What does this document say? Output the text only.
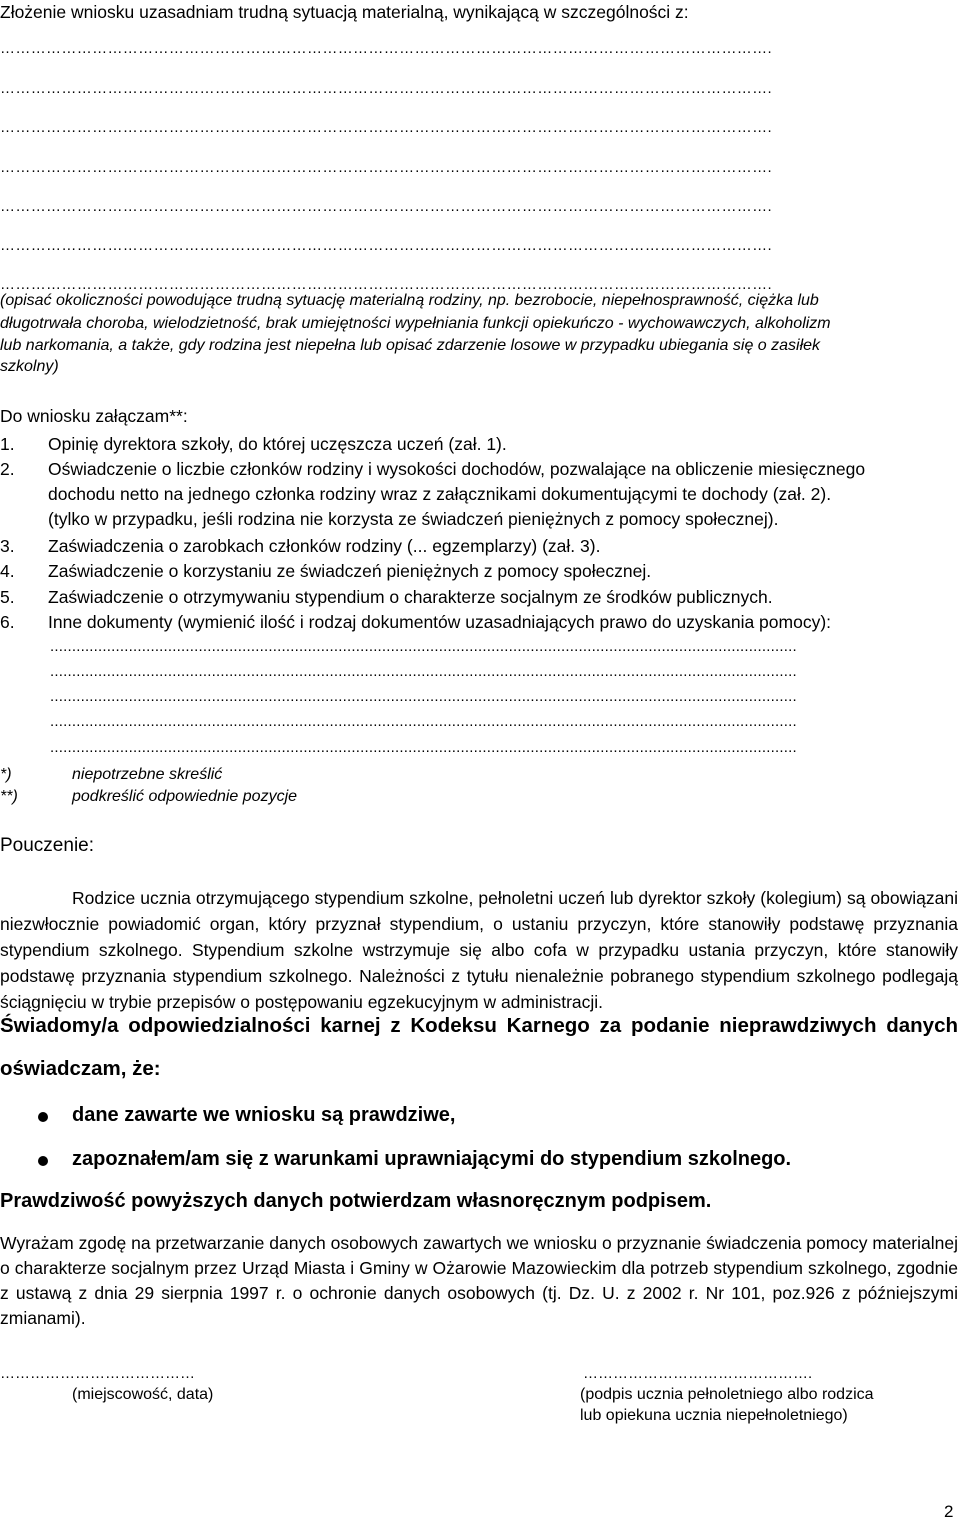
Złożenie wniosku uzasadniam trudną sytuacją materialną, wynikającą w szczególności z:
…………………………………………………………………………………………………………………………………….
…………………………………………………………………………………………………………………………………….
…………………………………………………………………………………………………………………………………….
…………………………………………………………………………………………………………………………………….
…………………………………………………………………………………………………………………………………….
…………………………………………………………………………………………………………………………………….
…………………………………………………………………………………………………………………………………….
(opisać okoliczności powodujące trudną sytuację materialną rodziny, np. bezrobocie, niepełnosprawność, ciężka lub
długotrwała choroba, wielodzietność, brak umiejętności wypełniania funkcji opiekuńczo - wychowawczych, alkoholizm
lub narkomania, a także, gdy rodzina jest niepełna lub opisać zdarzenie losowe w przypadku ubiegania się o zasiłek
szkolny)
Do wniosku załączam**:
1. Opinię dyrektora szkoły, do której uczęszcza uczeń (zał. 1).
2. Oświadczenie o liczbie członków rodziny i wysokości dochodów, pozwalające na obliczenie miesięcznego
dochodu netto na jednego członka rodziny wraz z załącznikami dokumentującymi te dochody (zał. 2).
(tylko w przypadku, jeśli rodzina nie korzysta ze świadczeń pieniężnych z pomocy społecznej).
3. Zaświadczenia o zarobkach członków rodziny (... egzemplarzy) (zał. 3).
4. Zaświadczenie o korzystaniu ze świadczeń pieniężnych z pomocy społecznej.
5. Zaświadczenie o otrzymywaniu stypendium o charakterze socjalnym ze środków publicznych.
6. Inne dokumenty (wymienić ilość i rodzaj dokumentów uzasadniających prawo do uzyskania pomocy):
...........................................................................................................................................................................
...........................................................................................................................................................................
...........................................................................................................................................................................
...........................................................................................................................................................................
...........................................................................................................................................................................
*)	niepotrzebne skreślić
**)	podkreślić odpowiednie pozycje
Pouczenie:
Rodzice ucznia otrzymującego stypendium szkolne, pełnoletni uczeń lub dyrektor szkoły (kolegium) są obowiązani niezwłocznie powiadomić organ, który przyznał stypendium, o ustaniu przyczyn, które stanowiły podstawę przyznania stypendium szkolnego. Stypendium szkolne wstrzymuje się albo cofa w przypadku ustania przyczyn, które stanowiły podstawę przyznania stypendium szkolnego. Należności z tytułu nienależnie pobranego stypendium szkolnego podlegają ściągnięciu w trybie przepisów o postępowaniu egzekucyjnym w administracji.
Świadomy/a odpowiedzialności karnej z Kodeksu Karnego za podanie nieprawdziwych danych
oświadczam, że:
dane zawarte we wniosku są prawdziwe,
zapoznałem/am się z warunkami uprawniającymi do stypendium szkolnego.
Prawdziwość powyższych danych potwierdzam własnoręcznym podpisem.
Wyrażam zgodę na przetwarzanie danych osobowych zawartych we wniosku o przyznanie świadczenia pomocy materialnej o charakterze socjalnym przez Urząd Miasta i Gminy w Ożarowie Mazowieckim dla potrzeb stypendium szkolnego, zgodnie z ustawą z dnia 29 sierpnia 1997 r. o ochronie danych osobowych (tj. Dz. U. z 2002 r. Nr 101, poz.926 z późniejszymi zmianami).
…………………………………
(miejscowość, data)
……………………………………….
(podpis ucznia pełnoletniego albo rodzica
lub opiekuna ucznia niepełnoletniego)
2
